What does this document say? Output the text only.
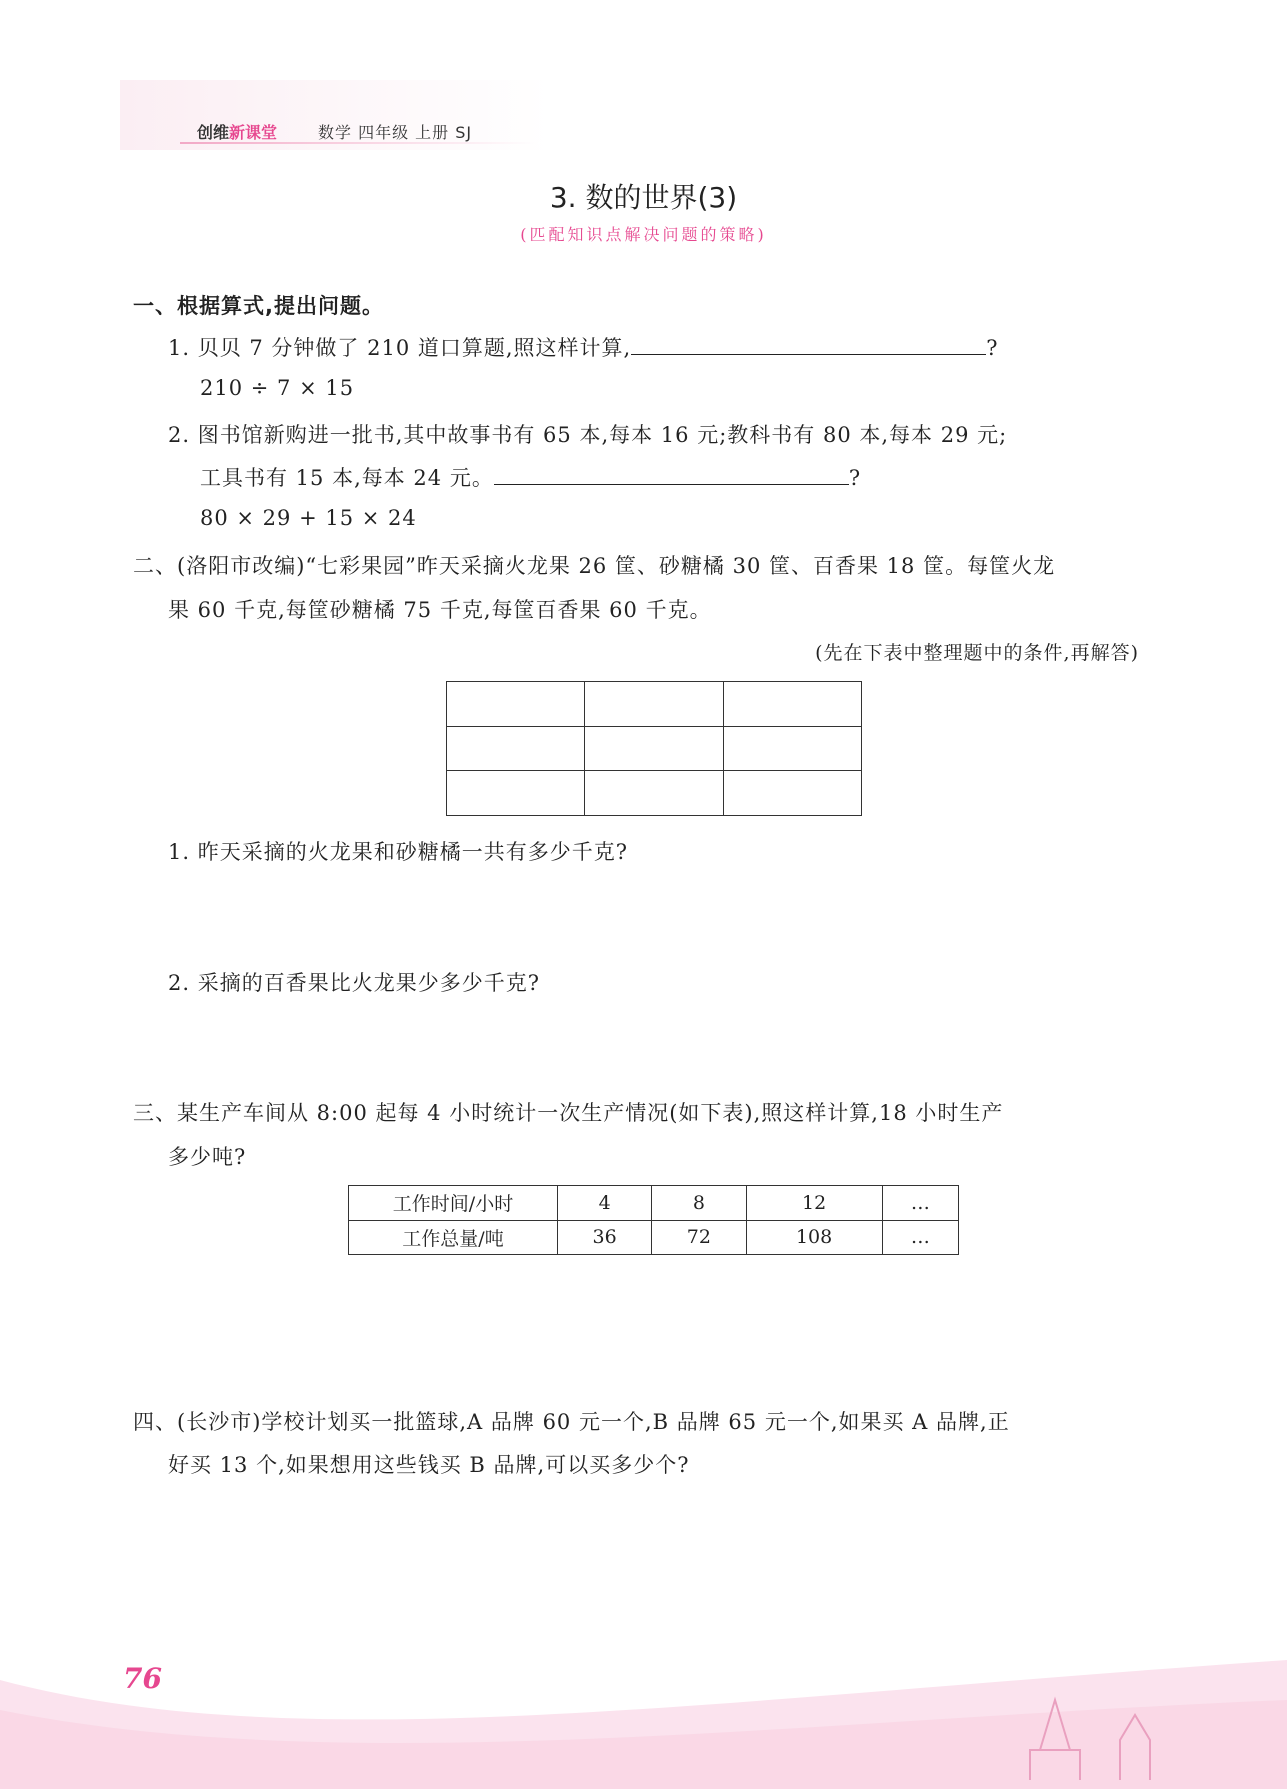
创维新课堂	数学 四年级 上册 SJ
3. 数的世界(3)
(匹配知识点解决问题的策略)
一、根据算式,提出问题。
1. 贝贝 7 分钟做了 210 道口算题,照这样计算,	?
210 ÷ 7 × 15
2. 图书馆新购进一批书,其中故事书有 65 本,每本 16 元;教科书有 80 本,每本 29 元;
工具书有 15 本,每本 24 元。	?
80 × 29 + 15 × 24
二、(洛阳市改编)“七彩果园”昨天采摘火龙果 26 筐、砂糖橘 30 筐、百香果 18 筐。每筐火龙
果 60 千克,每筐砂糖橘 75 千克,每筐百香果 60 千克。
(先在下表中整理题中的条件,再解答)

1. 昨天采摘的火龙果和砂糖橘一共有多少千克?
2. 采摘的百香果比火龙果少多少千克?
三、某生产车间从 8:00 起每 4 小时统计一次生产情况(如下表),照这样计算,18 小时生产
多少吨?
工作时间/小时	4	8	12	…
工作总量/吨	36	72	108	…
四、(长沙市)学校计划买一批篮球,A 品牌 60 元一个,B 品牌 65 元一个,如果买 A 品牌,正
好买 13 个,如果想用这些钱买 B 品牌,可以买多少个?
76
